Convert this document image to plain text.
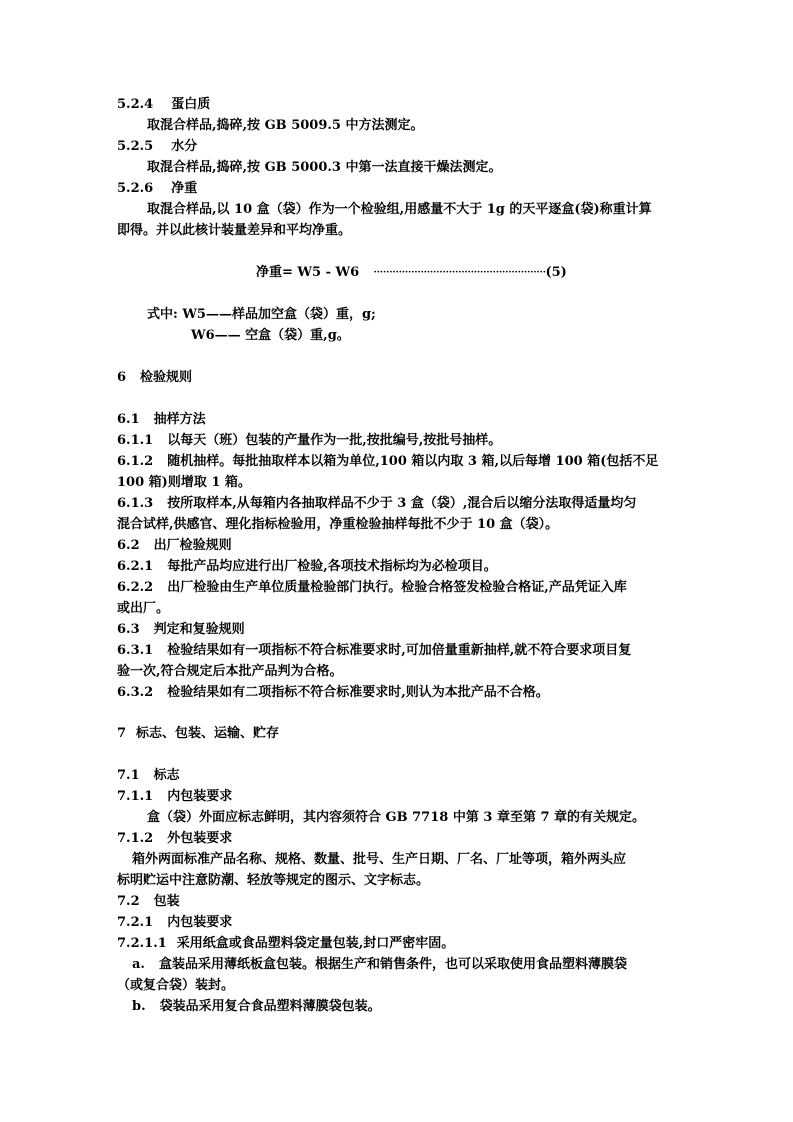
5.2.4 蛋白质
取混合样品,捣碎,按 GB 5009.5 中方法测定。
5.2.5 水分
取混合样品,捣碎,按 GB 5000.3 中第一法直接干燥法测定。
5.2.6 净重
取混合样品,以 10 盒（袋）作为一个检验组,用感量不大于 1g 的天平逐盒(袋)称重计算
即得。并以此核计装量差异和平均净重。
净重= W5 - W6 ·······················································(5)
式中: W5——样品加空盒（袋）重，g;
W6—— 空盒（袋）重,g。
6 检验规则
6.1 抽样方法
6.1.1 以每天（班）包装的产量作为一批,按批编号,按批号抽样。
6.1.2 随机抽样。每批抽取样本以箱为单位,100 箱以内取 3 箱,以后每增 100 箱(包括不足
100 箱)则增取 1 箱。
6.1.3 按所取样本,从每箱内各抽取样品不少于 3 盒（袋）,混合后以缩分法取得适量均匀
混合试样,供感官、理化指标检验用，净重检验抽样每批不少于 10 盒（袋）。
6.2 出厂检验规则
6.2.1 每批产品均应进行出厂检验,各项技术指标均为必检项目。
6.2.2 出厂检验由生产单位质量检验部门执行。检验合格签发检验合格证,产品凭证入库
或出厂。
6.3 判定和复验规则
6.3.1 检验结果如有一项指标不符合标准要求时,可加倍量重新抽样,就不符合要求项目复
验一次,符合规定后本批产品判为合格。
6.3.2 检验结果如有二项指标不符合标准要求时,则认为本批产品不合格。
7 标志、包装、运输、贮存
7.1 标志
7.1.1 内包装要求
盒（袋）外面应标志鲜明，其内容须符合 GB 7718 中第 3 章至第 7 章的有关规定。
7.1.2 外包装要求
箱外两面标准产品名称、规格、数量、批号、生产日期、厂名、厂址等项，箱外两头应
标明贮运中注意防潮、轻放等规定的图示、文字标志。
7.2 包装
7.2.1 内包装要求
7.2.1.1 采用纸盒或食品塑料袋定量包装,封口严密牢固。
a. 盒装品采用薄纸板盒包装。根据生产和销售条件，也可以采取使用食品塑料薄膜袋
（或复合袋）装封。
b. 袋装品采用复合食品塑料薄膜袋包装。
